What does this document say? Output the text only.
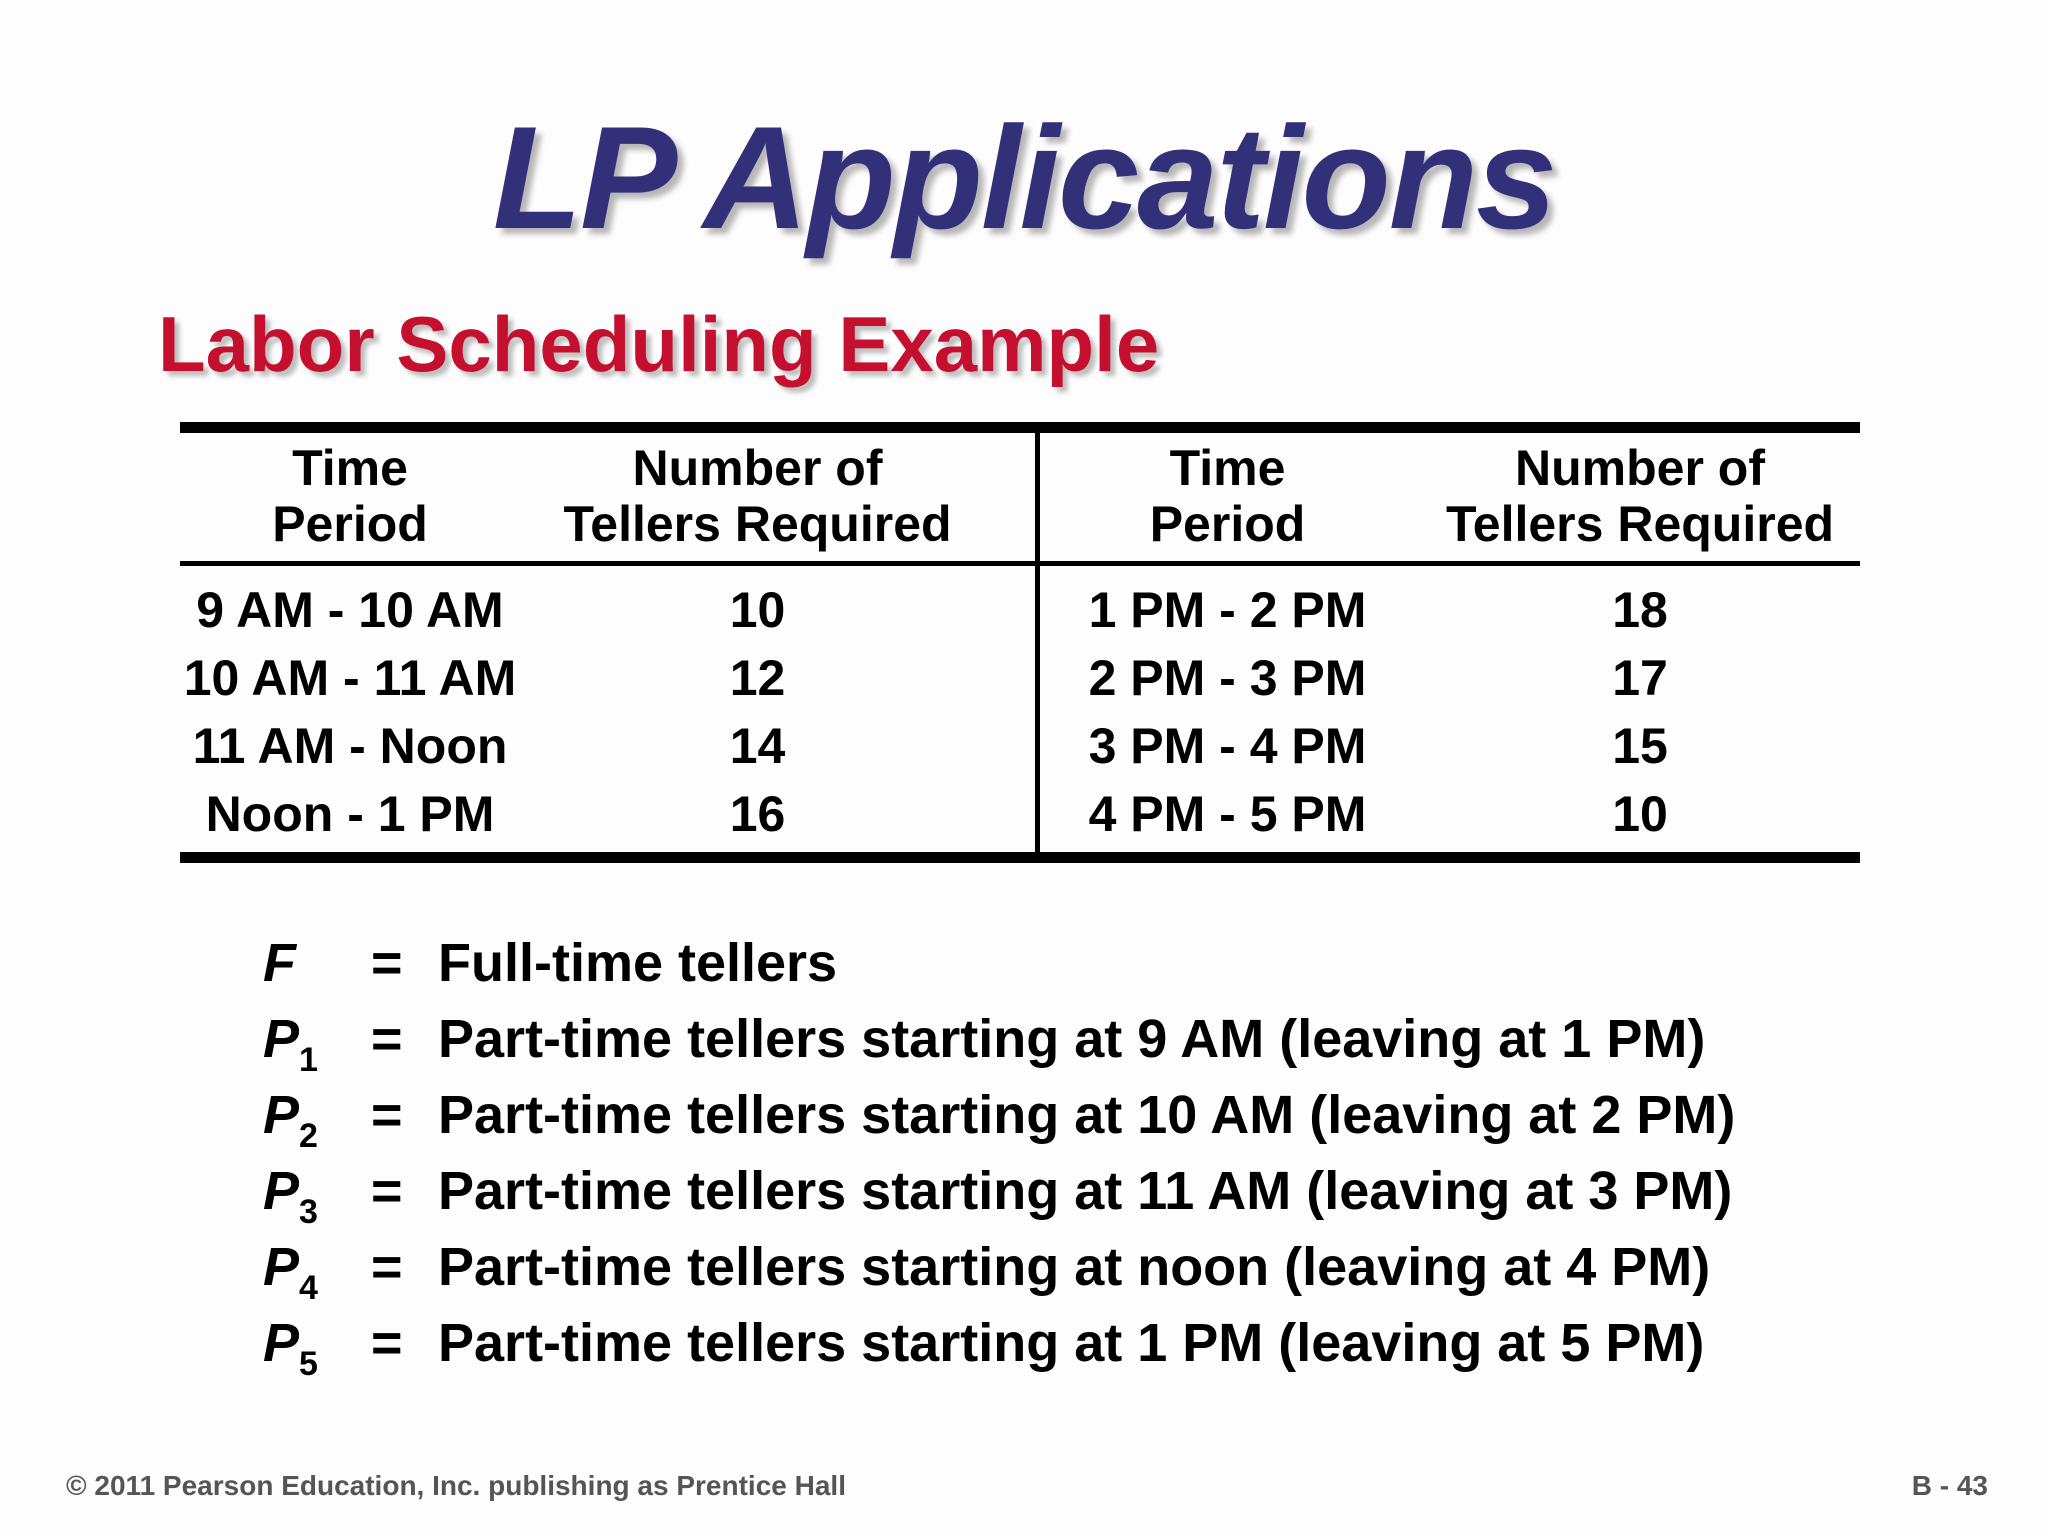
LP Applications
Labor Scheduling Example
Time
Period
Number of
Tellers Required
Time
Period
Number of
Tellers Required
9 AM - 10 AM
10 AM - 11 AM
11 AM - Noon
Noon - 1 PM
10
12
14
16
1 PM - 2 PM
2 PM - 3 PM
3 PM - 4 PM
4 PM - 5 PM
18
17
15
10
F = Full-time tellers
$P_1$ = Part-time tellers starting at 9 AM (leaving at 1 PM)
$P_2$ = Part-time tellers starting at 10 AM (leaving at 2 PM)
$P_3$ = Part-time tellers starting at 11 AM (leaving at 3 PM)
$P_4$ = Part-time tellers starting at noon (leaving at 4 PM)
$P_5$ = Part-time tellers starting at 1 PM (leaving at 5 PM)
© 2011 Pearson Education, Inc. publishing as Prentice Hall	B - 43
